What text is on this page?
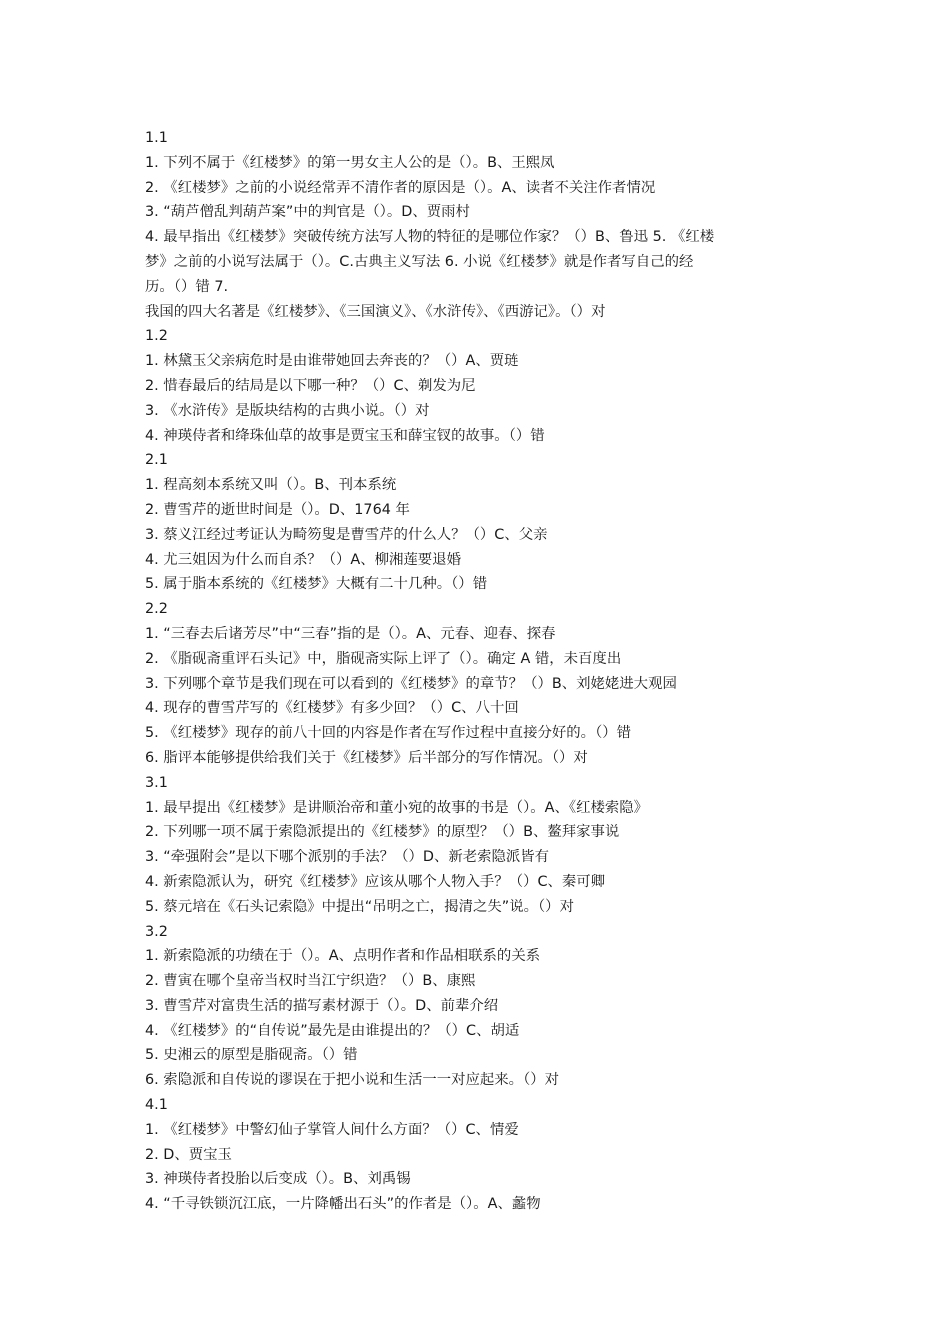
1.1
1. 下列不属于《红楼梦》的第一男女主人公的是（）。B、王熙凤
2. 《红楼梦》之前的小说经常弄不清作者的原因是（）。A、读者不关注作者情况
3. “葫芦僧乱判葫芦案”中的判官是（）。D、贾雨村
4. 最早指出《红楼梦》突破传统方法写人物的特征的是哪位作家？（）B、鲁迅 5. 《红楼
梦》之前的小说写法属于（）。C.古典主义写法 6. 小说《红楼梦》就是作者写自己的经
历。（）错 7.
我国的四大名著是《红楼梦》、《三国演义》、《水浒传》、《西游记》。（）对
1.2
1. 林黛玉父亲病危时是由谁带她回去奔丧的？（）A、贾琏
2. 惜春最后的结局是以下哪一种？（）C、剃发为尼
3. 《水浒传》是版块结构的古典小说。（）对
4. 神瑛侍者和绛珠仙草的故事是贾宝玉和薛宝钗的故事。（）错
2.1
1. 程高刻本系统又叫（）。B、刊本系统
2. 曹雪芹的逝世时间是（）。D、1764 年
3. 蔡义江经过考证认为畸笏叟是曹雪芹的什么人？（）C、父亲
4. 尤三姐因为什么而自杀？（）A、柳湘莲要退婚
5. 属于脂本系统的《红楼梦》大概有二十几种。（）错
2.2
1. “三春去后诸芳尽”中“三春”指的是（）。A、元春、迎春、探春
2. 《脂砚斋重评石头记》中，脂砚斋实际上评了（）。确定 A 错，未百度出
3. 下列哪个章节是我们现在可以看到的《红楼梦》的章节？（）B、刘姥姥进大观园
4. 现存的曹雪芹写的《红楼梦》有多少回？（）C、八十回
5. 《红楼梦》现存的前八十回的内容是作者在写作过程中直接分好的。（）错
6. 脂评本能够提供给我们关于《红楼梦》后半部分的写作情况。（）对
3.1
1. 最早提出《红楼梦》是讲顺治帝和董小宛的故事的书是（）。A、《红楼索隐》
2. 下列哪一项不属于索隐派提出的《红楼梦》的原型？（）B、鳌拜家事说
3. “牵强附会”是以下哪个派别的手法？（）D、新老索隐派皆有
4. 新索隐派认为，研究《红楼梦》应该从哪个人物入手？（）C、秦可卿
5. 蔡元培在《石头记索隐》中提出“吊明之亡，揭清之失”说。（）对
3.2
1. 新索隐派的功绩在于（）。A、点明作者和作品相联系的关系
2. 曹寅在哪个皇帝当权时当江宁织造？（）B、康熙
3. 曹雪芹对富贵生活的描写素材源于（）。D、前辈介绍
4. 《红楼梦》的“自传说”最先是由谁提出的？（）C、胡适
5. 史湘云的原型是脂砚斋。（）错
6. 索隐派和自传说的谬误在于把小说和生活一一对应起来。（）对
4.1
1. 《红楼梦》中警幻仙子掌管人间什么方面？（）C、情爱
2. D、贾宝玉
3. 神瑛侍者投胎以后变成（）。B、刘禹锡
4. “千寻铁锁沉江底，一片降幡出石头”的作者是（）。A、蠡物
